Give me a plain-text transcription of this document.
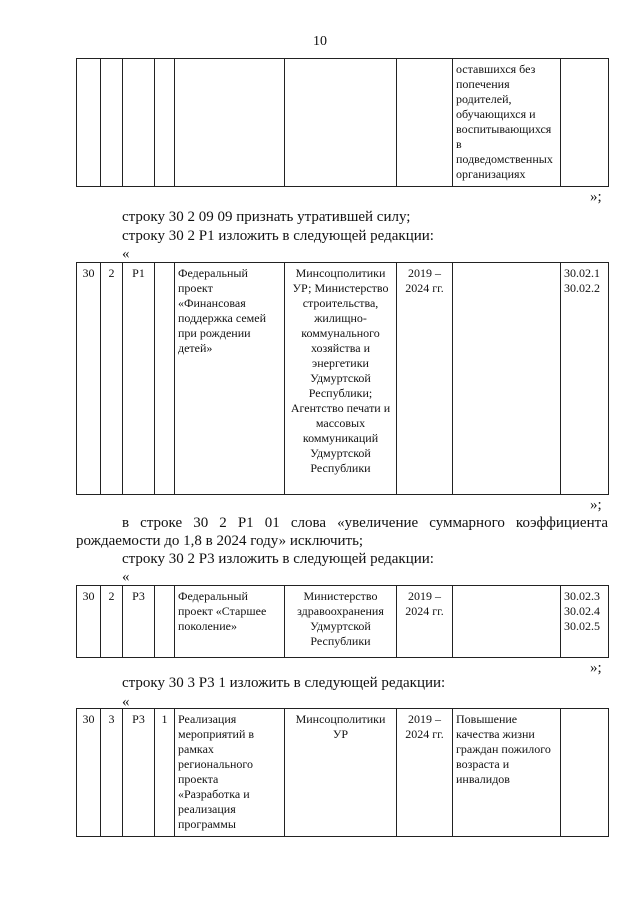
10
							оставшихся без попечения родителей, обучающихся и воспитывающихся в подведомственных организациях	
»;
строку 30 2 09 09 признать утратившей силу;
строку 30 2 Р1 изложить в следующей редакции:
«
30	2	Р1		Федеральный проект «Финансовая поддержка семей при рождении детей»	Минсоцполитики УР; Министерство строительства, жилищно-коммунального хозяйства и энергетики Удмуртской Республики; Агентство печати и массовых коммуникаций Удмуртской Республики	2019 – 2024 гг.		30.02.1 30.02.2
»;
в строке 30 2 Р1 01 слова «увеличение суммарного коэффициента рождаемости до 1,8 в 2024 году» исключить;
строку 30 2 Р3 изложить в следующей редакции:
«
30	2	Р3		Федеральный проект «Старшее поколение»	Министерство здравоохранения Удмуртской Республики	2019 – 2024 гг.		30.02.3 30.02.4 30.02.5
»;
строку 30 3 Р3 1 изложить в следующей редакции:
«
30	3	Р3	1	Реализация мероприятий в рамках регионального проекта «Разработка и реализация программы	Минсоцполитики УР	2019 – 2024 гг.	Повышение качества жизни граждан пожилого возраста и инвалидов	
